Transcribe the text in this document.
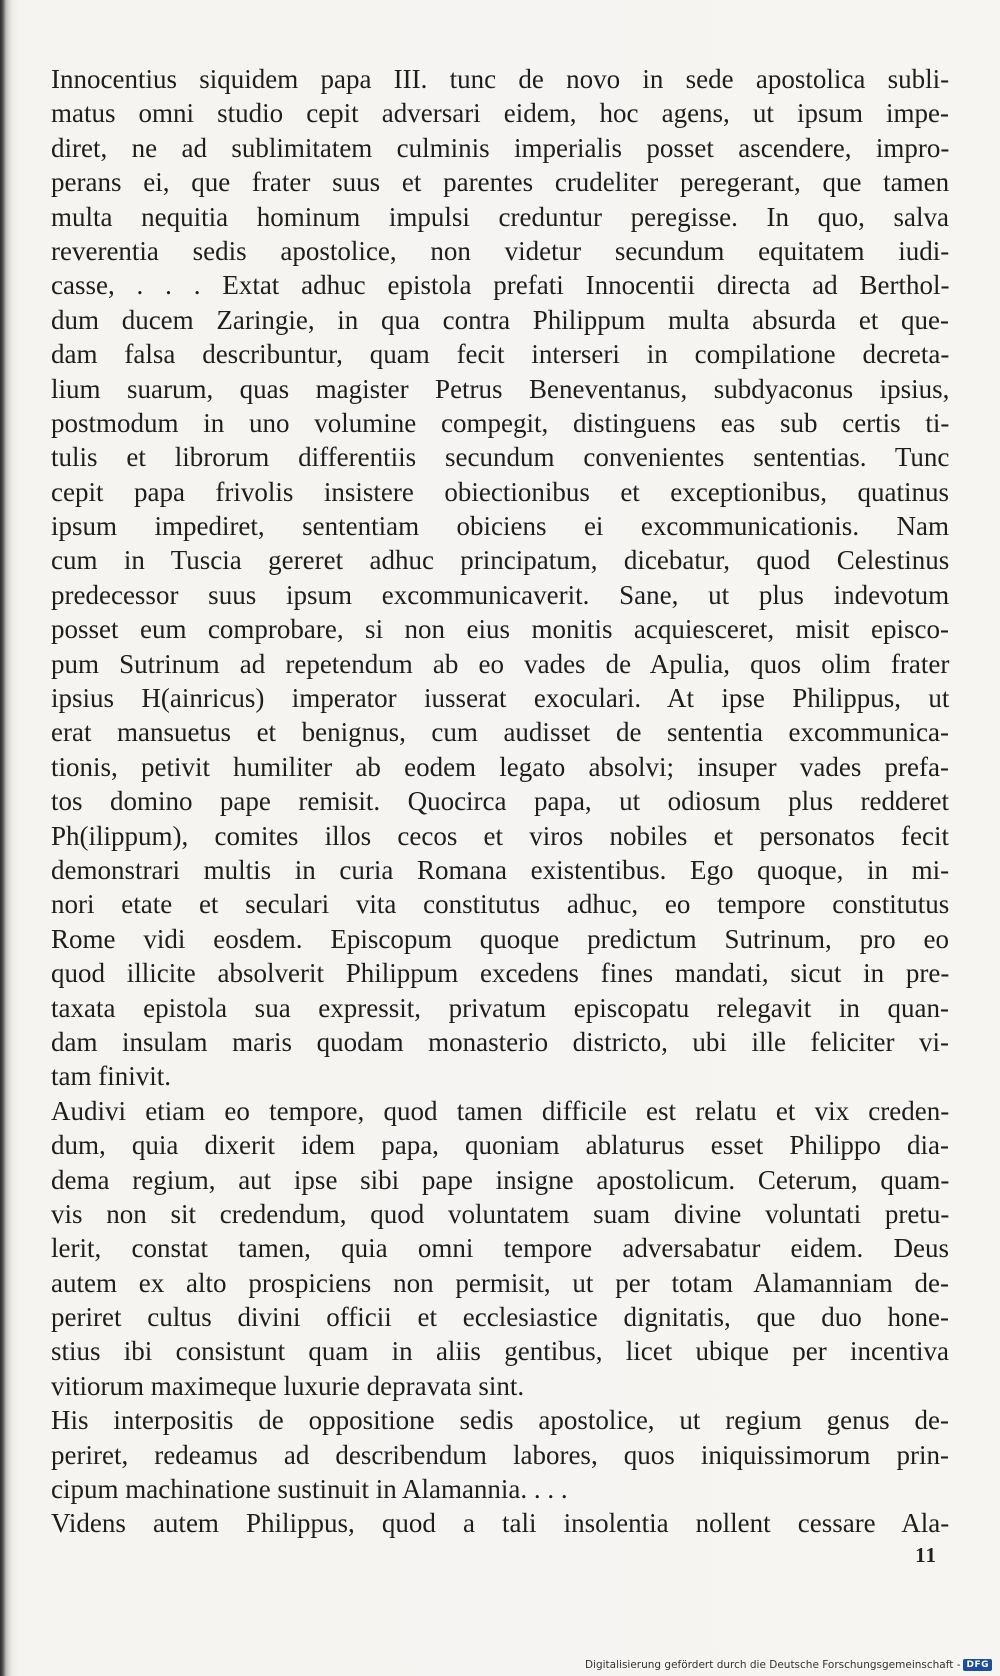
Innocentius siquidem papa III. tunc de novo in sede apostolica subli-
matus omni studio cepit adversari eidem, hoc agens, ut ipsum impe-
diret, ne ad sublimitatem culminis imperialis posset ascendere, impro-
perans ei, que frater suus et parentes crudeliter peregerant, que tamen
multa nequitia hominum impulsi creduntur peregisse. In quo, salva
reverentia sedis apostolice, non videtur secundum equitatem iudi-
casse, . . . Extat adhuc epistola prefati Innocentii directa ad Berthol-
dum ducem Zaringie, in qua contra Philippum multa absurda et que-
dam falsa describuntur, quam fecit interseri in compilatione decreta-
lium suarum, quas magister Petrus Beneventanus, subdyaconus ipsius,
postmodum in uno volumine compegit, distinguens eas sub certis ti-
tulis et librorum differentiis secundum convenientes sententias. Tunc
cepit papa frivolis insistere obiectionibus et exceptionibus, quatinus
ipsum impediret, sententiam obiciens ei excommunicationis. Nam
cum in Tuscia gereret adhuc principatum, dicebatur, quod Celestinus
predecessor suus ipsum excommunicaverit. Sane, ut plus indevotum
posset eum comprobare, si non eius monitis acquiesceret, misit episco-
pum Sutrinum ad repetendum ab eo vades de Apulia, quos olim frater
ipsius H(ainricus) imperator iusserat exoculari. At ipse Philippus, ut
erat mansuetus et benignus, cum audisset de sententia excommunica-
tionis, petivit humiliter ab eodem legato absolvi; insuper vades prefa-
tos domino pape remisit. Quocirca papa, ut odiosum plus redderet
Ph(ilippum), comites illos cecos et viros nobiles et personatos fecit
demonstrari multis in curia Romana existentibus. Ego quoque, in mi-
nori etate et seculari vita constitutus adhuc, eo tempore constitutus
Rome vidi eosdem. Episcopum quoque predictum Sutrinum, pro eo
quod illicite absolverit Philippum excedens fines mandati, sicut in pre-
taxata epistola sua expressit, privatum episcopatu relegavit in quan-
dam insulam maris quodam monasterio districto, ubi ille feliciter vi-
tam finivit.
Audivi etiam eo tempore, quod tamen difficile est relatu et vix creden-
dum, quia dixerit idem papa, quoniam ablaturus esset Philippo dia-
dema regium, aut ipse sibi pape insigne apostolicum. Ceterum, quam-
vis non sit credendum, quod voluntatem suam divine voluntati pretu-
lerit, constat tamen, quia omni tempore adversabatur eidem. Deus
autem ex alto prospiciens non permisit, ut per totam Alamanniam de-
periret cultus divini officii et ecclesiastice dignitatis, que duo hone-
stius ibi consistunt quam in aliis gentibus, licet ubique per incentiva
vitiorum maximeque luxurie depravata sint.
His interpositis de oppositione sedis apostolice, ut regium genus de-
periret, redeamus ad describendum labores, quos iniquissimorum prin-
cipum machinatione sustinuit in Alamannia. . . .
Videns autem Philippus, quod a tali insolentia nollent cessare Ala-
11
Digitalisierung gefördert durch die Deutsche Forschungsgemeinschaft - DFG
